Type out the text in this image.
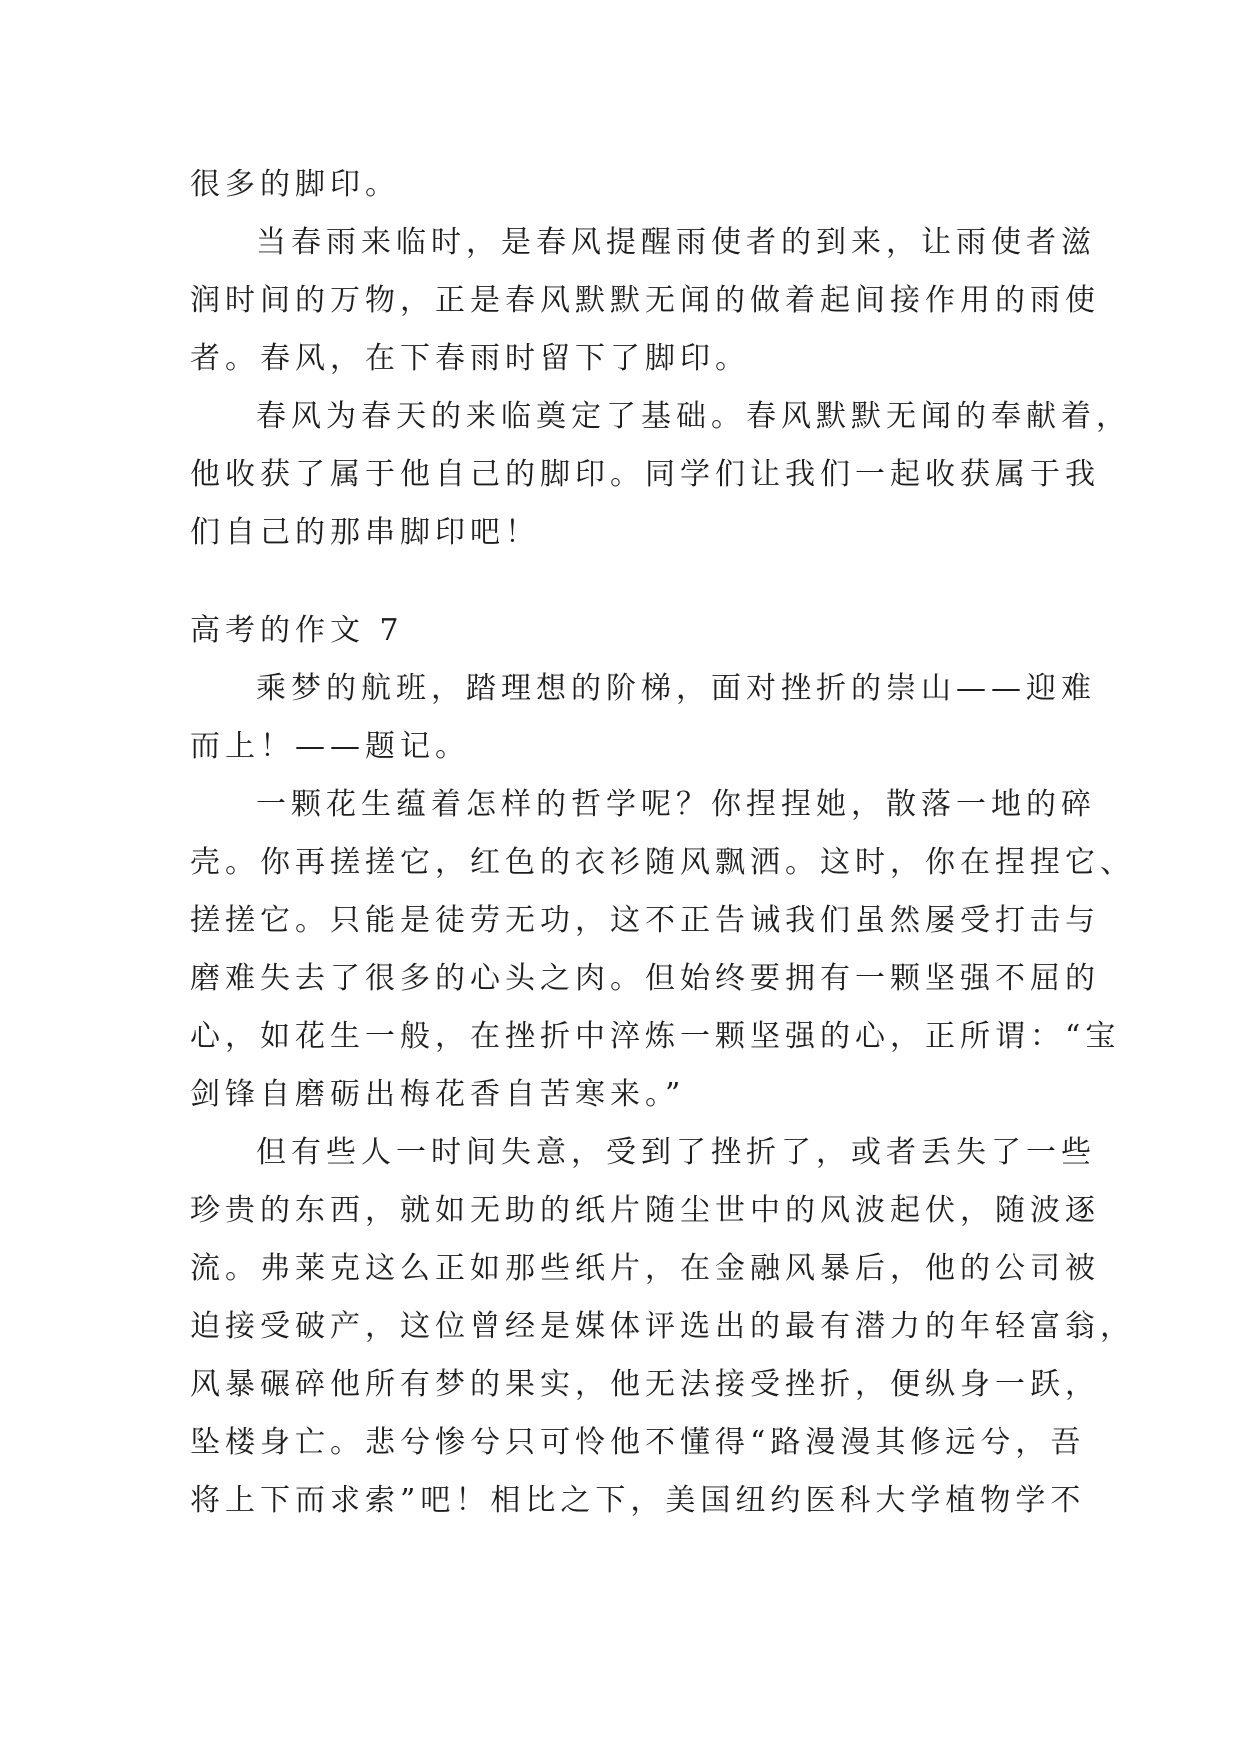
很多的脚印。
当春雨来临时，是春风提醒雨使者的到来，让雨使者滋
润时间的万物，正是春风默默无闻的做着起间接作用的雨使
者。春风，在下春雨时留下了脚印。
春风为春天的来临奠定了基础。春风默默无闻的奉献着，
他收获了属于他自己的脚印。同学们让我们一起收获属于我
们自己的那串脚印吧！
高考的作文 7
乘梦的航班，踏理想的阶梯，面对挫折的崇山——迎难
而上！——题记。
一颗花生蕴着怎样的哲学呢？你捏捏她，散落一地的碎
壳。你再搓搓它，红色的衣衫随风飘洒。这时，你在捏捏它、
搓搓它。只能是徒劳无功，这不正告诫我们虽然屡受打击与
磨难失去了很多的心头之肉。但始终要拥有一颗坚强不屈的
心，如花生一般，在挫折中淬炼一颗坚强的心，正所谓：“宝
剑锋自磨砺出梅花香自苦寒来。”
但有些人一时间失意，受到了挫折了，或者丢失了一些
珍贵的东西，就如无助的纸片随尘世中的风波起伏，随波逐
流。弗莱克这么正如那些纸片，在金融风暴后，他的公司被
迫接受破产，这位曾经是媒体评选出的最有潜力的年轻富翁，
风暴碾碎他所有梦的果实，他无法接受挫折，便纵身一跃，
坠楼身亡。悲兮惨兮只可怜他不懂得“路漫漫其修远兮，吾
将上下而求索”吧！相比之下，美国纽约医科大学植物学不
